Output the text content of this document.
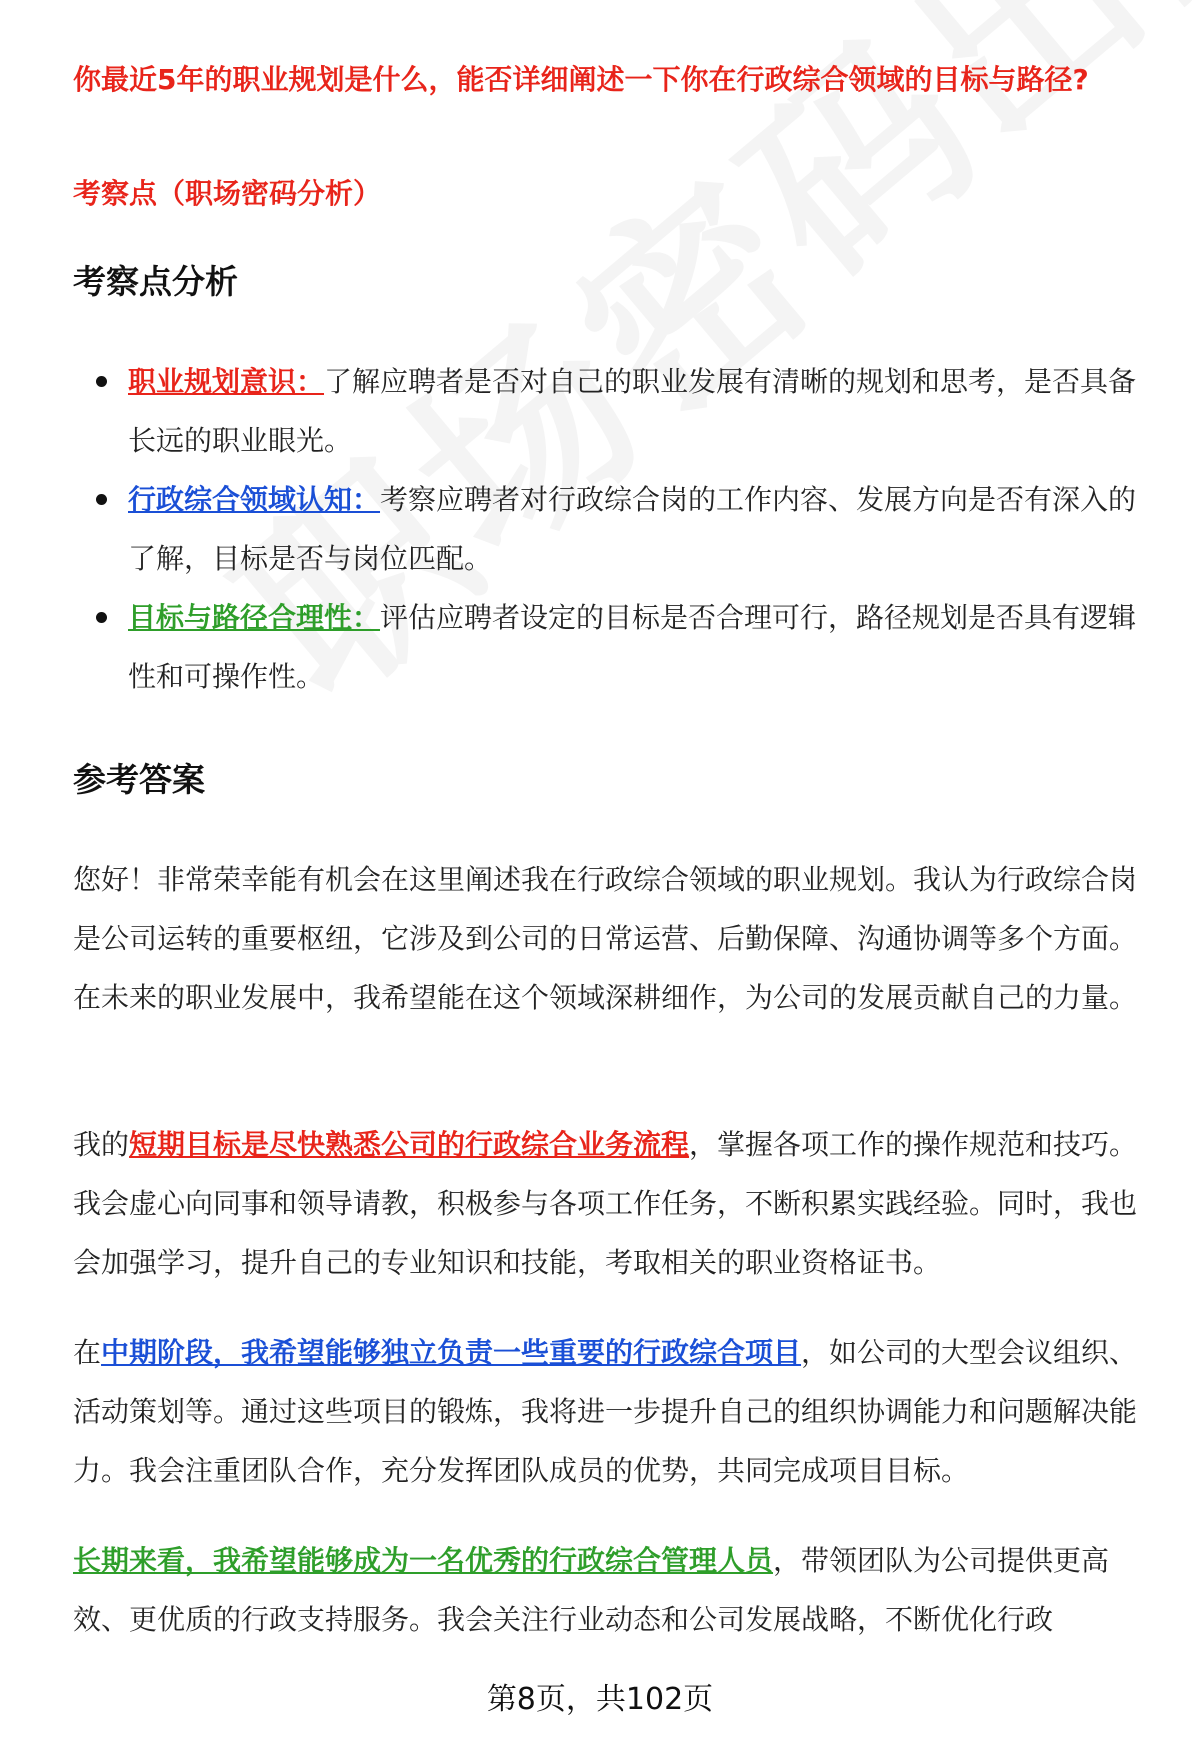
你最近5年的职业规划是什么，能否详细阐述一下你在行政综合领域的目标与路径?
考察点（职场密码分析）
考察点分析
职业规划意识：了解应聘者是否对自己的职业发展有清晰的规划和思考，是否具备长远的职业眼光。
行政综合领域认知：考察应聘者对行政综合岗的工作内容、发展方向是否有深入的了解，目标是否与岗位匹配。
目标与路径合理性：评估应聘者设定的目标是否合理可行，路径规划是否具有逻辑性和可操作性。
参考答案
您好！非常荣幸能有机会在这里阐述我在行政综合领域的职业规划。我认为行政综合岗是公司运转的重要枢纽，它涉及到公司的日常运营、后勤保障、沟通协调等多个方面。在未来的职业发展中，我希望能在这个领域深耕细作，为公司的发展贡献自己的力量。
我的短期目标是尽快熟悉公司的行政综合业务流程，掌握各项工作的操作规范和技巧。我会虚心向同事和领导请教，积极参与各项工作任务，不断积累实践经验。同时，我也会加强学习，提升自己的专业知识和技能，考取相关的职业资格证书。
在中期阶段，我希望能够独立负责一些重要的行政综合项目，如公司的大型会议组织、活动策划等。通过这些项目的锻炼，我将进一步提升自己的组织协调能力和问题解决能力。我会注重团队合作，充分发挥团队成员的优势，共同完成项目目标。
长期来看，我希望能够成为一名优秀的行政综合管理人员，带领团队为公司提供更高效、更优质的行政支持服务。我会关注行业动态和公司发展战略，不断优化行政
第8页，共102页
